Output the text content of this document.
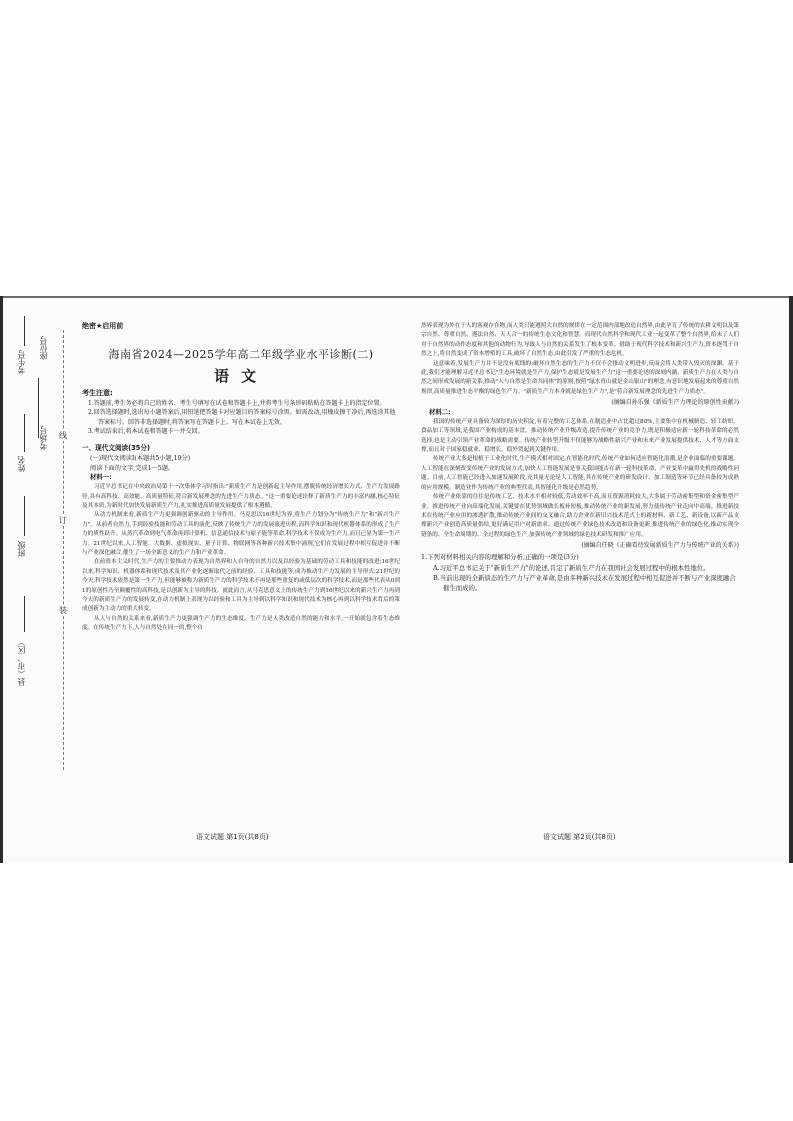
县（市、区）
班级
姓名
考生号
考场号
座位号
装
订
线
绝密★启用前
海南省2024—2025学年高二年级学业水平诊断(二)
语文
考生注意:

1.答题前,考生务必将自己的姓名、考生号填写在试卷和答题卡上,并将考生号条形码粘贴在答题卡上的指定位置。

2.回答选择题时,选出每小题答案后,用铅笔把答题卡对应题目的答案标号涂黑。如需改动,用橡皮擦干净后,再选涂其他答案标号。回答非选择题时,将答案写在答题卡上。写在本试卷上无效。

3.考试结束后,将本试卷和答题卡一并交回。

一、现代文阅读(35分)
(一)现代文阅读Ⅰ(本题共5小题,19分)
阅读下面的文字,完成1～5题。
材料一:

习近平总书记在中央政治局第十一次集体学习时指出:"新质生产力是创新起主导作用,摆脱传统经济增长方式、生产力发展路径,具有高科技、高效能、高质量特征,符合新发展理念的先进生产力质态。"这一重要论述诠释了新质生产力的丰富内涵,核心特征及其本质,为新时代加快发展新质生产力,扎实推进高质量发展提供了根本遵循。

从动力机制来看,新质生产力更强调创新驱动的主导作用。马克思以16世纪为界,将生产力划分为"传统生产力"和"新兴生产力"。从前者自然力,手到经验技能和劳动工具的演化,反映了传统生产力的发展演进历程,而科学知识和现代机器体系的形成了生产力的质性跃升。从蒸汽革命到电气革命再到计算机、信息通信技术与原子能等革命,科学技术不仅成为生产力,而且已显为第一生产力。21世纪以来,人工智能、大数据、虚拟现实、量子计算、物联网等各种新兴技术集中涌现,它们在发展过程中相互促进并不断与产业深化融合,催生了一场全新意义的生产力和产业革命。

在前资本主义时代,生产力的主要推动力表现为自然界和人自身的自然力以及以经验为基础的劳动工具和技能的改进;16世纪以来,科学知识、机器体系和现代技术及其产业化逐渐取代之前的经验、工具和技能等,成为推动生产力发展的主导形式;21世纪的今天,科学技术依然是第一生产力,但能够被称为新质生产力的科学技术不再是那些重复的或低层次的科学技术,而是那些代表从0到1的原创性乃至颠覆性的高科技,是以创新为主导的科技。就此而言,从马克思意义上的传统生产力到16世纪以来的新兴生产力再到今天的新质生产力的发展转变,在动力机制上表现为以经验和工具为主导到以科学知识和现代技术为核心再到以科学技术背后的策成创新为主动力的重大转变。

从人与自然的关系来看,新质生产力更强调生产力的生态维度。生产力是人类改造自然的能力和水平,一开始就包含着生态维度。在传统生产力下,人与自然处在同一的,整个自

语文试题 第1页(共8页)

然界表现为外在于人的客观存在物,而人类只能遵照大自然的规律在一定范围内部地改造自然界,由此孕育了传统的农耕文明以及第宗自然、尊重自然、遵法自然、天人合一的传统生态文化和智慧。而现代自然科学和现代工业一起变革了整个自然界,给未了人们对于自然界的动作态度和其他的动物行为,导致人与自然的关系发生了根本变革。借助于现代科学技术和新兴生产力,资本逐驾于自然之上,将自然变成了资本增殖的工具,破坏了自然生态,由此引发了严重的生态危机。

这意味着,发展生产力并不是没有底线的;破坏自然生态的生产力不仅不会推动文明进步,反而会将人类带入毁灭的深渊。基于此,我们才能理解习近平总书记"生态环境就是生产力,保护生态就是发展生产力"这一重要论述的深刻内涵。新质生产力在人类与自然之间形成发展的新关系,推动"人与自然是生命共同体"的原则,按照"绿水青山就是金山银山"的理念,有意识地发展起来的尊重自然规律,高质量推进生态平衡的绿色生产力。"新质生产力本身就是绿色生产力",是"符合新发展理念的先进生产力质态"。

(摘编自孙乐强《新质生产力理论的原创性贡献》)
材料二:

我国的传统产业具备较为深厚的历史积淀,有着完整的工艺体系,在制造业中占比超过80%,主要集中在机械制造、轻工纺织、食品加工等领域,是我国产业构成的基本盘。推动传统产业升级改造,提升传统产业的竞争力,既是积极适应新一轮科技革命的必然选择,也是主动引领产业革命的战略需要。传统产业转型升级不仅能够为战略性新兴产业和未来产业发展提供技术、人才等方面支撑,而且对于国家稳就业、稳增长、稳外贸起到关键作用。

传统产业大多是根植于工业化时代,生产模式相对固定,在智能化时代,传统产业如何适应智能化浪潮,是企业面临的重要课题。人工智能在深刻改变传统产业的发展方式,加快人工智能发展是事关我国能否在新一轮科技革命、产业变革中赢得先机的战略性问题。目前,人工智能已经进入加速发展阶段,充其量无论是人工智能,其在传统产业的研发设计、加工制造等环节已经具备较为成熟的应用规模。制造业作为传统产业的典型代表,其智能化升级是必然趋势。

传统产业依靠的往往是传统工艺、技术水平相对较低,劳动效率不高,而且资源消耗较大,大多属于劳动密集型和资金密集型产业。推进传统产业向高端化发展,关键要在优势领域做长板补短板,推动传统产业的新发展,努力使传统产业走向中高端。推进新技术在传统产业应用的渗透扩散,推动传统产业间的交叉融合,助力企业在新旧兴技术范式上的新材料、新工艺、新设备,以新产品支撑新兴产业创造高质量供给,更好满足用户对新需求。通过传统产业绿色技术改造和设备更新,推进传统产业的绿色化,推动实现全链条的、全生命周期的、全过程的绿色生产,加强传统产业领域的绿色技术研发和推广应用。

(摘编自任晓《正确看待发展新质生产力与传统产业的关系》)
1.下列对材料相关内容的理解和分析,正确的一项是(3分)

A.习近平总书记关于"新质生产力"的论述,肯定了新质生产力在我国社会发展过程中的根本性地位。

B.当前出现的全新质态的生产力与产业革命,是由多种新兴技术在发展过程中相互促进并不断与产业深度融合催生而成的。

语文试题 第2页(共8页)
